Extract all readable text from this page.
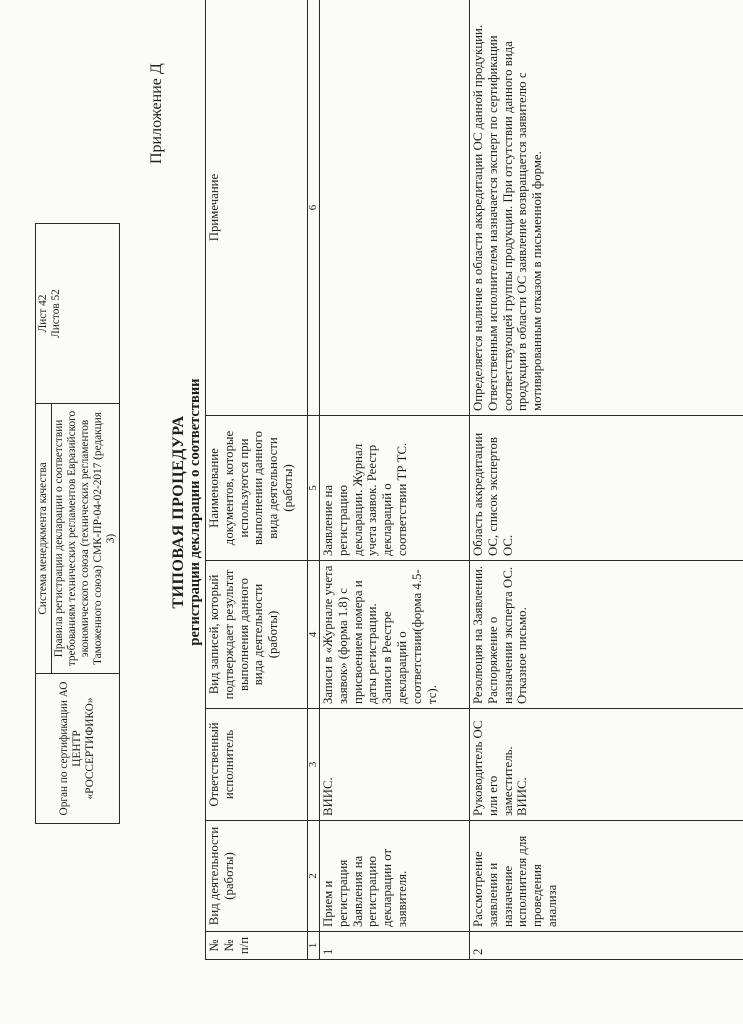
Орган по сертификации АО ЦЕНТР «РОССЕРТИФИКО»	Система менеджмента качества	
Лист 42 Листов 52

Правила регистрации декларации о соответствии требованиям технических регламентов Евразийского экономического союза (технических регламентов Таможенного союза) СМК-ПР-04-02-2017 (редакция 3)
Приложение Д
ТИПОВАЯ ПРОЦЕДУРА регистрации декларации о соответствии
№№ п/п	Вид деятельности (работы)	Ответственный исполнитель	Вид записей, который подтверждает результат выполнения данного вида деятельности (работы)	Наименование документов, которые используются при выполнении данного вида деятельности (работы)	Примечание
1	2	3	4	5	6
1	Прием и регистрация Заявления на регистрацию декларации от заявителя.	ВИИС.	Записи в «Журнале учета заявок» (форма 1.8) с присвоением номера и даты регистрации. Записи в Реестре деклараций о соответствии(форма 4.5-тс).	Заявление на регистрацию декларации. Журнал учета заявок. Реестр деклараций о соответствии ТР ТС.	
2	Рассмотрение заявления и назначение исполнителя для проведения анализа	Руководитель ОС или его заместитель. ВИИС.	Резолюция на Заявлении. Распоряжение о назначении эксперта ОС. Отказное письмо.	Область аккредитации ОС, список экспертов ОС.	Определяется наличие в области аккредитации ОС данной продукции. Ответственным исполнителем назначается эксперт по сертификации соответствующей группы продукции. При отсутствии данного вида продукции в области ОС заявление возвращается заявителю с мотивированным отказом в письменной форме.
